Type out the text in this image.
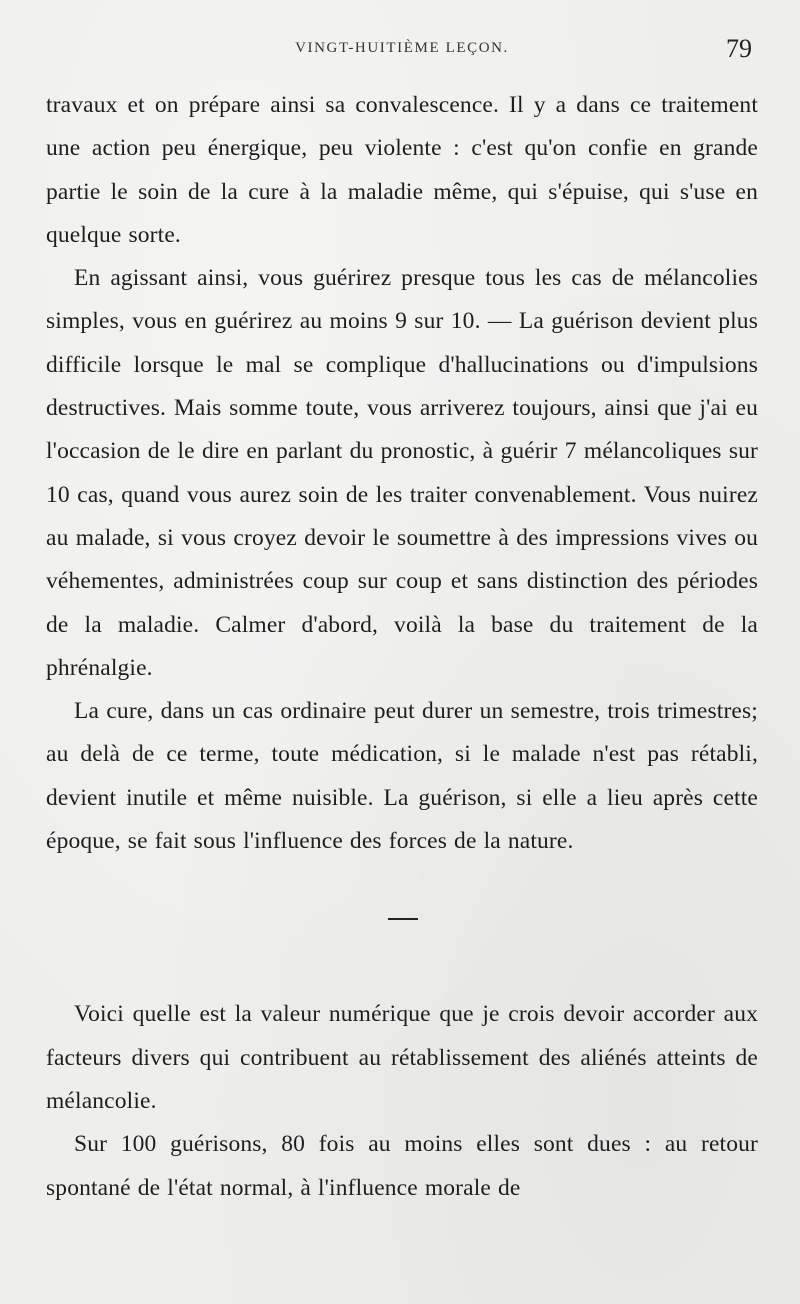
VINGT-HUITIÈME LEÇON.	79

travaux et on prépare ainsi sa convalescence. Il y a dans ce traitement une action peu énergique, peu violente : c'est qu'on confie en grande partie le soin de la cure à la maladie même, qui s'épuise, qui s'use en quelque sorte.

En agissant ainsi, vous guérirez presque tous les cas de mélancolies simples, vous en guérirez au moins 9 sur 10. — La guérison devient plus difficile lorsque le mal se complique d'hallucinations ou d'impulsions destructives. Mais somme toute, vous arriverez toujours, ainsi que j'ai eu l'occasion de le dire en parlant du pronostic, à guérir 7 mélancoliques sur 10 cas, quand vous aurez soin de les traiter convenablement. Vous nuirez au malade, si vous croyez devoir le soumettre à des impressions vives ou véhementes, administrées coup sur coup et sans distinction des périodes de la maladie. Calmer d'abord, voilà la base du traitement de la phrénalgie.

La cure, dans un cas ordinaire peut durer un semestre, trois trimestres; au delà de ce terme, toute médication, si le malade n'est pas rétabli, devient inutile et même nuisible. La guérison, si elle a lieu après cette époque, se fait sous l'influence des forces de la nature.

Voici quelle est la valeur numérique que je crois devoir accorder aux facteurs divers qui contribuent au rétablissement des aliénés atteints de mélancolie.

Sur 100 guérisons, 80 fois au moins elles sont dues : au retour spontané de l'état normal, à l'influence morale de
